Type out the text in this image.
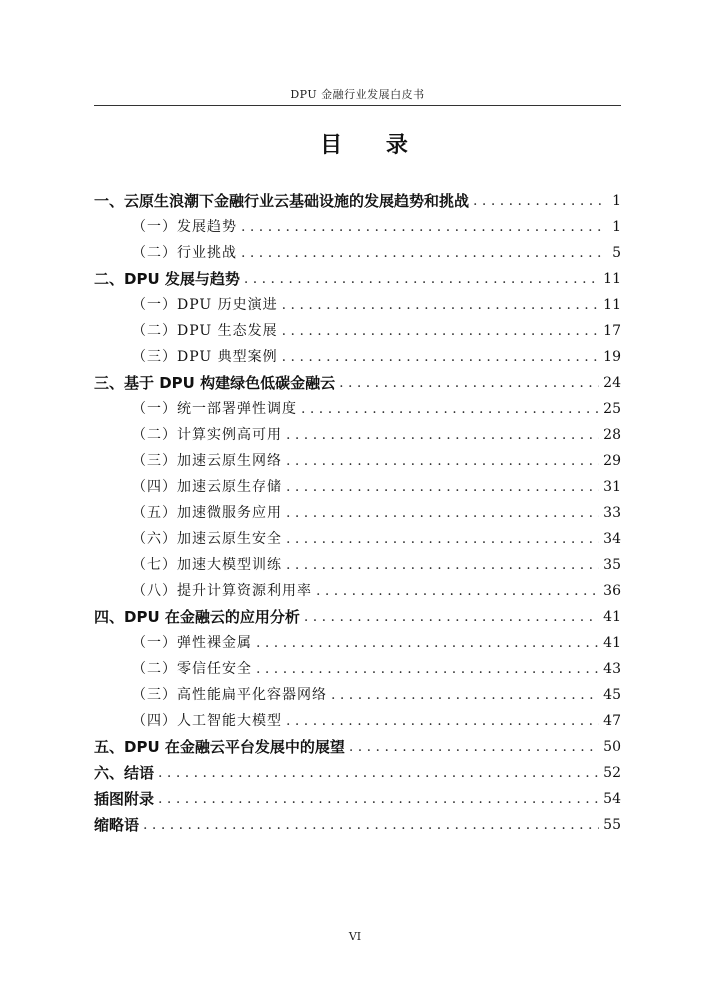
DPU 金融行业发展白皮书
目 录
一、云原生浪潮下金融行业云基础设施的发展趋势和挑战 . . .	1
（一）发展趋势 . . .	1
（二）行业挑战 . . .	5
二、DPU 发展与趋势 . . .	11
（一）DPU 历史演进 . . .	11
（二）DPU 生态发展 . . .	17
（三）DPU 典型案例 . . .	19
三、基于 DPU 构建绿色低碳金融云 . . .	24
（一）统一部署弹性调度 . . .	25
（二）计算实例高可用 . . .	28
（三）加速云原生网络 . . .	29
（四）加速云原生存储 . . .	31
（五）加速微服务应用 . . .	33
（六）加速云原生安全 . . .	34
（七）加速大模型训练 . . .	35
（八）提升计算资源利用率 . . .	36
四、DPU 在金融云的应用分析 . . .	41
（一）弹性裸金属 . . .	41
（二）零信任安全 . . .	43
（三）高性能扁平化容器网络 . . .	45
（四）人工智能大模型 . . .	47
五、DPU 在金融云平台发展中的展望 . . .	50
六、结语 . . .	52
插图附录 . . .	54
缩略语 . . .	55
VI
